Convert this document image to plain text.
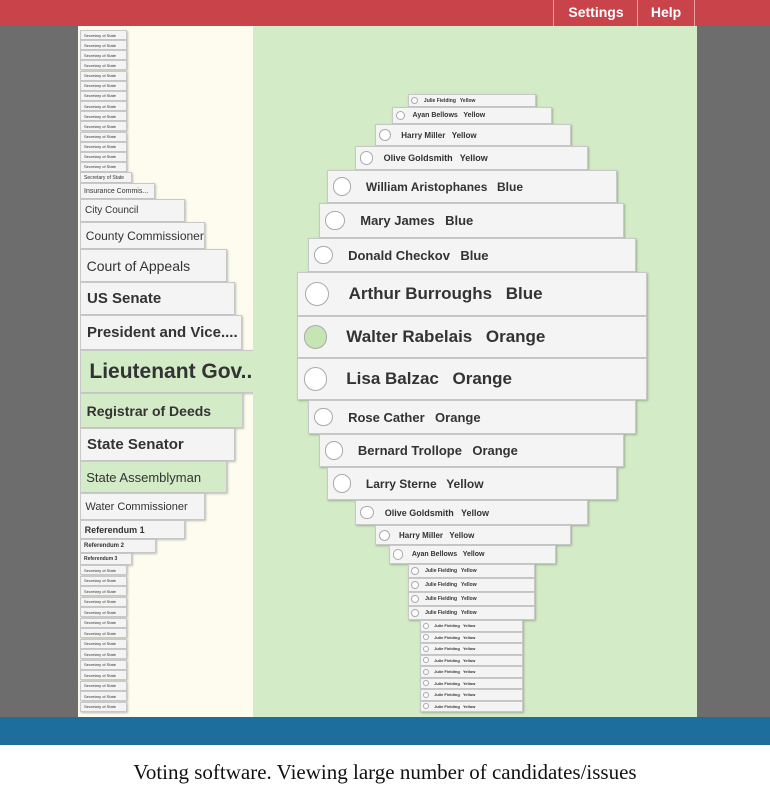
Settings	Help
Secretary of State
Secretary of State
Secretary of State
Secretary of State
Secretary of State
Secretary of State
Secretary of State
Secretary of State
Secretary of State
Secretary of State
Secretary of State
Secretary of State
Secretary of State
Secretary of State
Secretary of State
Insurance Commis...
City Council
County Commissioner
Court of Appeals
US Senate
President and Vice....
Lieutenant Gov..
Registrar of Deeds
State Senator
State Assemblyman
Water Commissioner
Referendum 1
Referendum 2
Referendum 3
Secretary of State
Secretary of State
Secretary of State
Secretary of State
Secretary of State
Secretary of State
Secretary of State
Secretary of State
Secretary of State
Secretary of State
Secretary of State
Secretary of State
Secretary of State
Secretary of State
Julie Fielding Yellow
Ayan Bellows Yellow
Harry Miller Yellow
Olive Goldsmith Yellow
William Aristophanes Blue
Mary James Blue
Donald Checkov Blue
Arthur Burroughs Blue
Walter Rabelais Orange
Lisa Balzac Orange
Rose Cather Orange
Bernard Trollope Orange
Larry Sterne Yellow
Olive Goldsmith Yellow
Harry Miller Yellow
Ayan Bellows Yellow
Julie Fielding Yellow
Julie Fielding Yellow
Julie Fielding Yellow
Julie Fielding Yellow
Julie Fielding Yellow
Julie Fielding Yellow
Julie Fielding Yellow
Julie Fielding Yellow
Julie Fielding Yellow
Julie Fielding Yellow
Julie Fielding Yellow
Julie Fielding Yellow
Voting software. Viewing large number of candidates/issues
